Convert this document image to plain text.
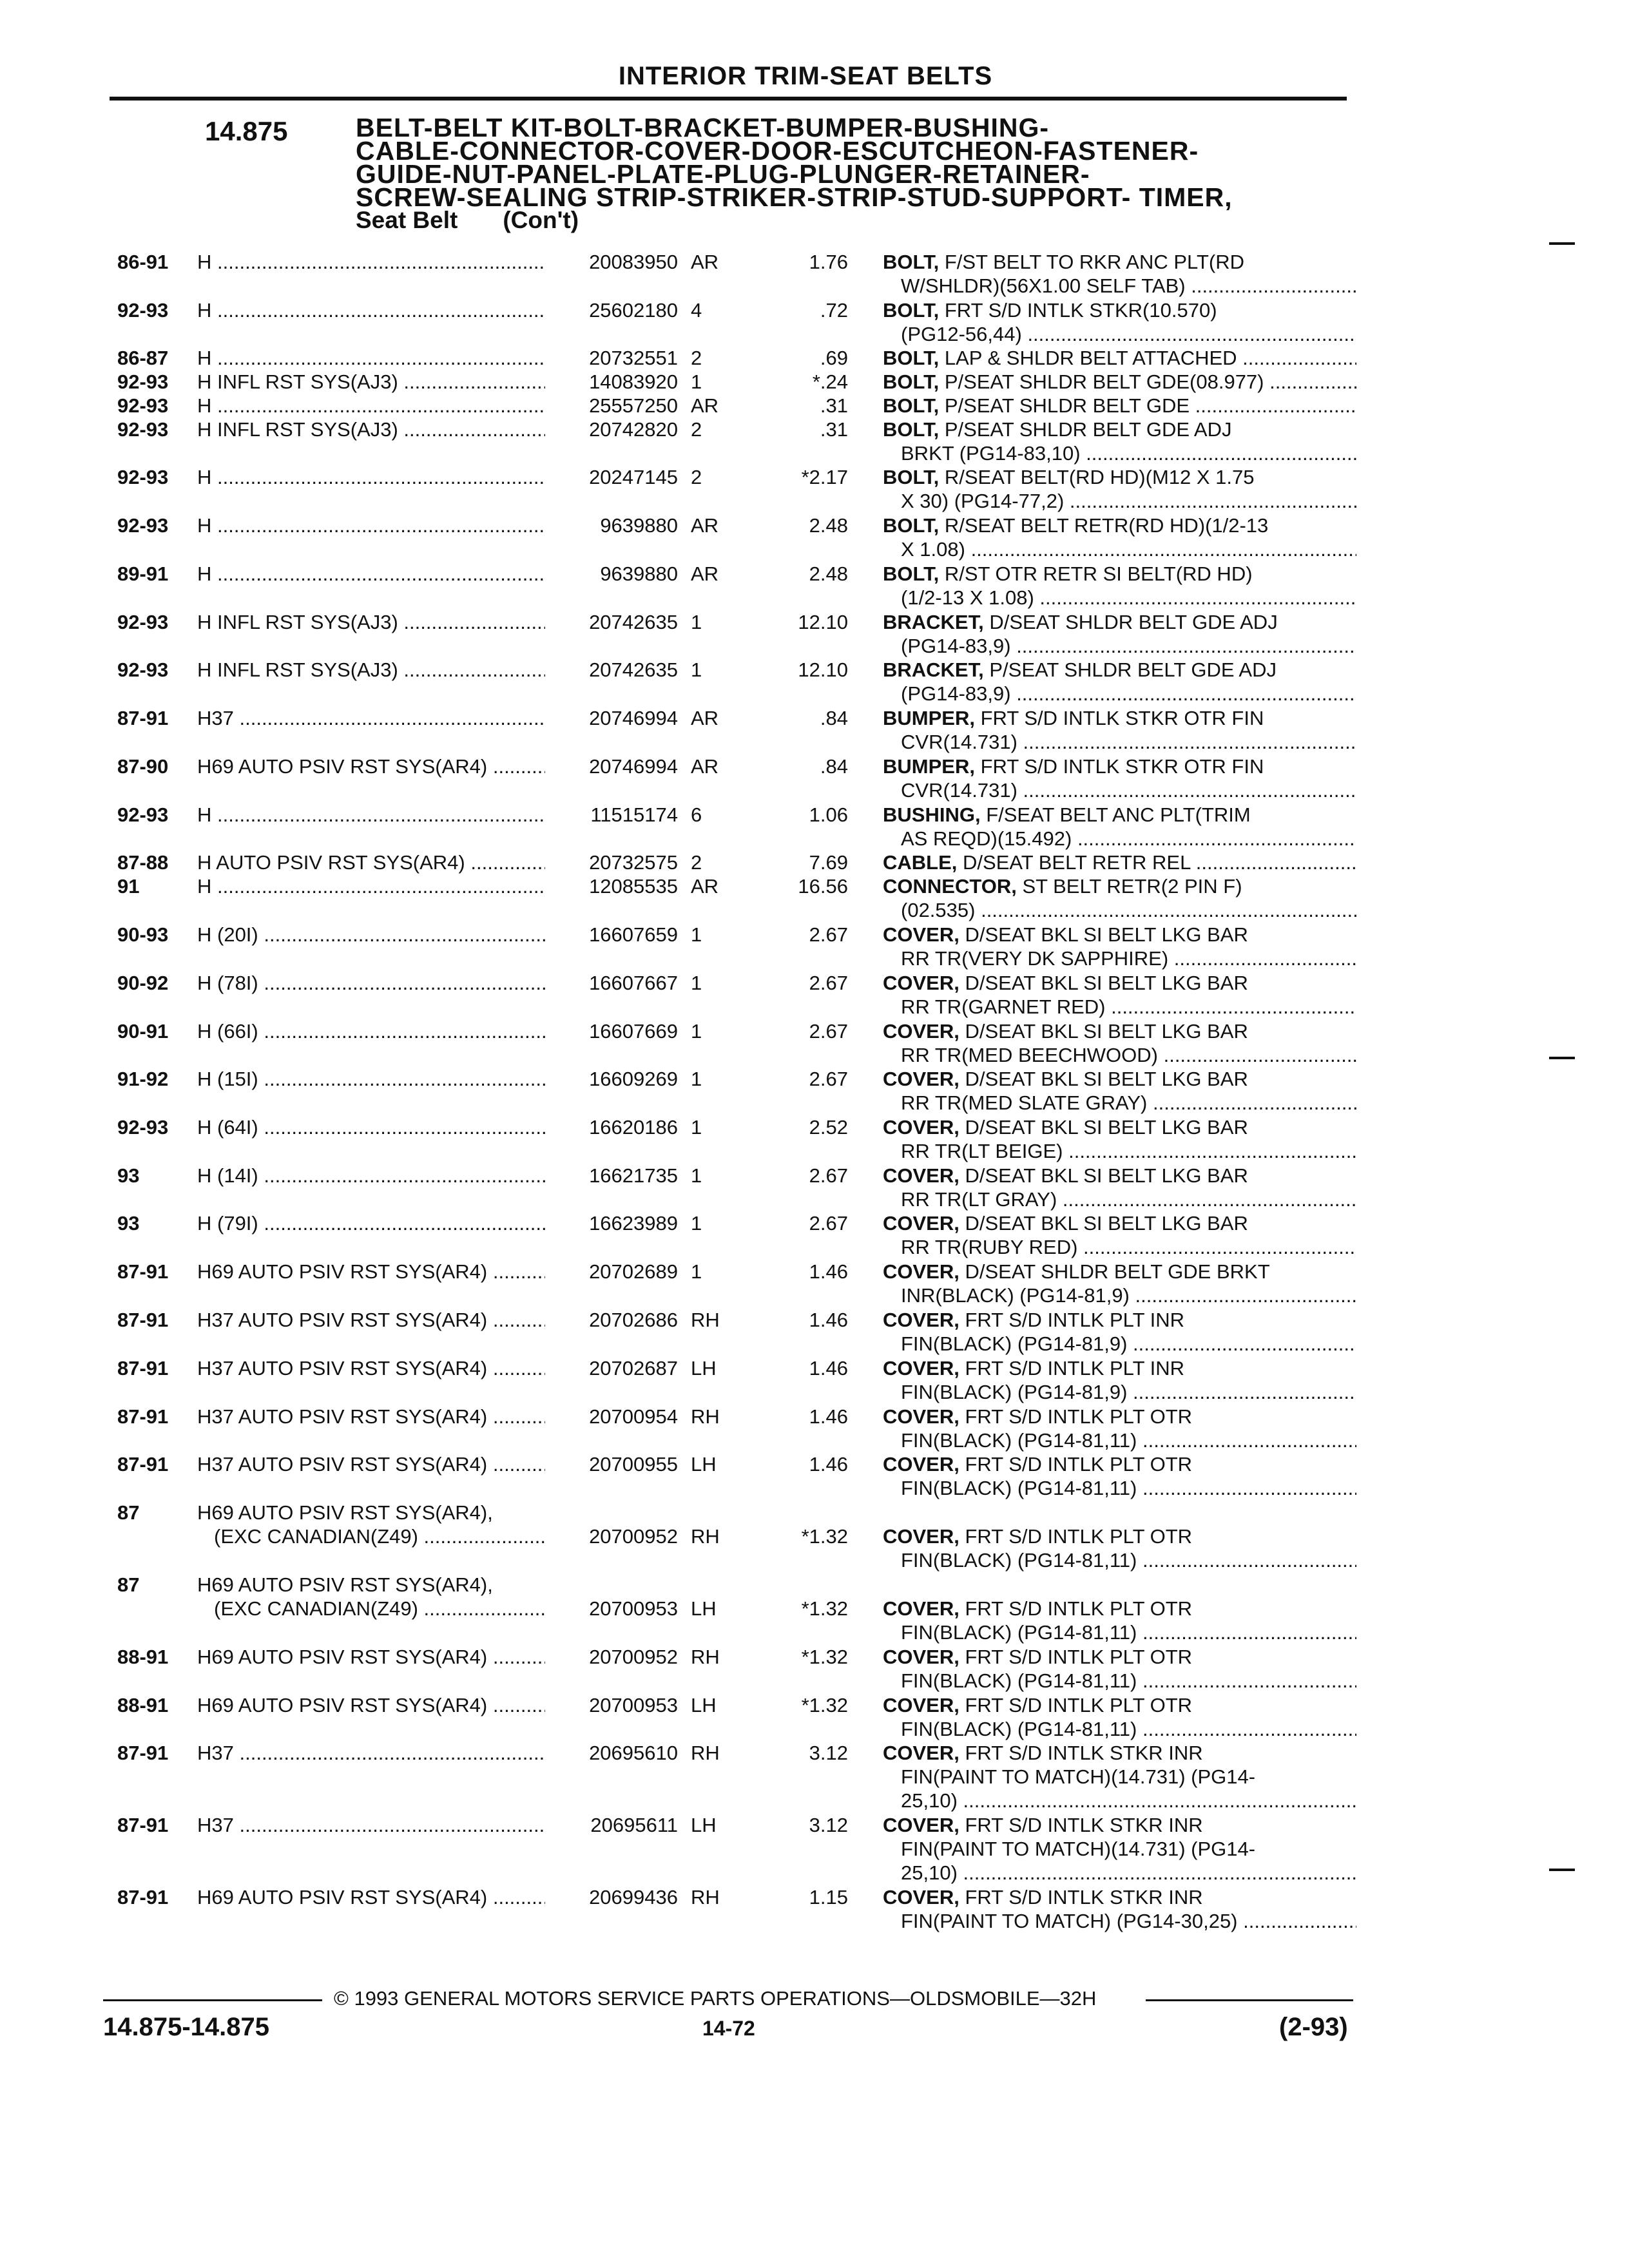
INTERIOR TRIM-SEAT BELTS
14.875	BELT-BELT KIT-BOLT-BRACKET-BUMPER-BUSHING-
CABLE-CONNECTOR-COVER-DOOR-ESCUTCHEON-FASTENER-
GUIDE-NUT-PANEL-PLATE-PLUG-PLUNGER-RETAINER-
SCREW-SEALING STRIP-STRIKER-STRIP-STUD-SUPPORT- TIMER,
Seat Belt (Con't)
86-91 H .....	20083950 AR	1.76 BOLT, F/ST BELT TO RKR ANC PLT(RD
W/SHLDR)(56X1.00 SELF TAB) .....
92-93 H .....	25602180 4	.72 BOLT, FRT S/D INTLK STKR(10.570)
(PG12-56,44) .....
86-87 H .....	20732551 2	.69 BOLT, LAP & SHLDR BELT ATTACHED .....
92-93 H INFL RST SYS(AJ3) .....	14083920 1	*.24 BOLT, P/SEAT SHLDR BELT GDE(08.977) .....
92-93 H .....	25557250 AR	.31 BOLT, P/SEAT SHLDR BELT GDE .....
92-93 H INFL RST SYS(AJ3) .....	20742820 2	.31 BOLT, P/SEAT SHLDR BELT GDE ADJ
BRKT (PG14-83,10) .....
92-93 H .....	20247145 2	*2.17 BOLT, R/SEAT BELT(RD HD)(M12 X 1.75
X 30) (PG14-77,2) .....
92-93 H .....	9639880 AR	2.48 BOLT, R/SEAT BELT RETR(RD HD)(1/2-13
X 1.08) .....
89-91 H .....	9639880 AR	2.48 BOLT, R/ST OTR RETR SI BELT(RD HD)
(1/2-13 X 1.08) .....
92-93 H INFL RST SYS(AJ3) .....	20742635 1	12.10 BRACKET, D/SEAT SHLDR BELT GDE ADJ
(PG14-83,9) .....
92-93 H INFL RST SYS(AJ3) .....	20742635 1	12.10 BRACKET, P/SEAT SHLDR BELT GDE ADJ
(PG14-83,9) .....
87-91 H37 .....	20746994 AR	.84 BUMPER, FRT S/D INTLK STKR OTR FIN
CVR(14.731) .....
87-90 H69 AUTO PSIV RST SYS(AR4) .....	20746994 AR	.84 BUMPER, FRT S/D INTLK STKR OTR FIN
CVR(14.731) .....
92-93 H .....	11515174 6	1.06 BUSHING, F/SEAT BELT ANC PLT(TRIM
AS REQD)(15.492) .....
87-88 H AUTO PSIV RST SYS(AR4) .....	20732575 2	7.69 CABLE, D/SEAT BELT RETR REL .....
91	H .....	12085535 AR	16.56 CONNECTOR, ST BELT RETR(2 PIN F)
(02.535) .....
90-93 H (20I) .....	16607659 1	2.67 COVER, D/SEAT BKL SI BELT LKG BAR
RR TR(VERY DK SAPPHIRE) .....
90-92 H (78I) .....	16607667 1	2.67 COVER, D/SEAT BKL SI BELT LKG BAR
RR TR(GARNET RED) .....
90-91 H (66I) .....	16607669 1	2.67 COVER, D/SEAT BKL SI BELT LKG BAR
RR TR(MED BEECHWOOD) .....
91-92 H (15I) .....	16609269 1	2.67 COVER, D/SEAT BKL SI BELT LKG BAR
RR TR(MED SLATE GRAY) .....
92-93 H (64I) .....	16620186 1	2.52 COVER, D/SEAT BKL SI BELT LKG BAR
RR TR(LT BEIGE) .....
93	H (14I) .....	16621735 1	2.67 COVER, D/SEAT BKL SI BELT LKG BAR
RR TR(LT GRAY) .....
93	H (79I) .....	16623989 1	2.67 COVER, D/SEAT BKL SI BELT LKG BAR
RR TR(RUBY RED) .....
87-91 H69 AUTO PSIV RST SYS(AR4) .....	20702689 1	1.46 COVER, D/SEAT SHLDR BELT GDE BRKT
INR(BLACK) (PG14-81,9) .....
87-91 H37 AUTO PSIV RST SYS(AR4) .....	20702686 RH	1.46 COVER, FRT S/D INTLK PLT INR
FIN(BLACK) (PG14-81,9) .....
87-91 H37 AUTO PSIV RST SYS(AR4) .....	20702687 LH	1.46 COVER, FRT S/D INTLK PLT INR
FIN(BLACK) (PG14-81,9) .....
87-91 H37 AUTO PSIV RST SYS(AR4) .....	20700954 RH	1.46 COVER, FRT S/D INTLK PLT OTR
FIN(BLACK) (PG14-81,11) .....
87-91 H37 AUTO PSIV RST SYS(AR4) .....	20700955 LH	1.46 COVER, FRT S/D INTLK PLT OTR
FIN(BLACK) (PG14-81,11) .....
87	H69 AUTO PSIV RST SYS(AR4),
(EXC CANADIAN(Z49) .....	20700952 RH	*1.32 COVER, FRT S/D INTLK PLT OTR
FIN(BLACK) (PG14-81,11) .....
87	H69 AUTO PSIV RST SYS(AR4),
(EXC CANADIAN(Z49) .....	20700953 LH	*1.32 COVER, FRT S/D INTLK PLT OTR
FIN(BLACK) (PG14-81,11) .....
88-91 H69 AUTO PSIV RST SYS(AR4) .....	20700952 RH	*1.32 COVER, FRT S/D INTLK PLT OTR
FIN(BLACK) (PG14-81,11) .....
88-91 H69 AUTO PSIV RST SYS(AR4) .....	20700953 LH	*1.32 COVER, FRT S/D INTLK PLT OTR
FIN(BLACK) (PG14-81,11) .....
87-91 H37 .....	20695610 RH	3.12 COVER, FRT S/D INTLK STKR INR
FIN(PAINT TO MATCH)(14.731) (PG14-
25,10) .....
87-91 H37 .....	20695611 LH	3.12 COVER, FRT S/D INTLK STKR INR
FIN(PAINT TO MATCH)(14.731) (PG14-
25,10) .....
87-91 H69 AUTO PSIV RST SYS(AR4) .....	20699436 RH	1.15 COVER, FRT S/D INTLK STKR INR
FIN(PAINT TO MATCH) (PG14-30,25) .....
© 1993 GENERAL MOTORS SERVICE PARTS OPERATIONS—OLDSMOBILE—32H
14.875-14.875	14-72	(2-93)
